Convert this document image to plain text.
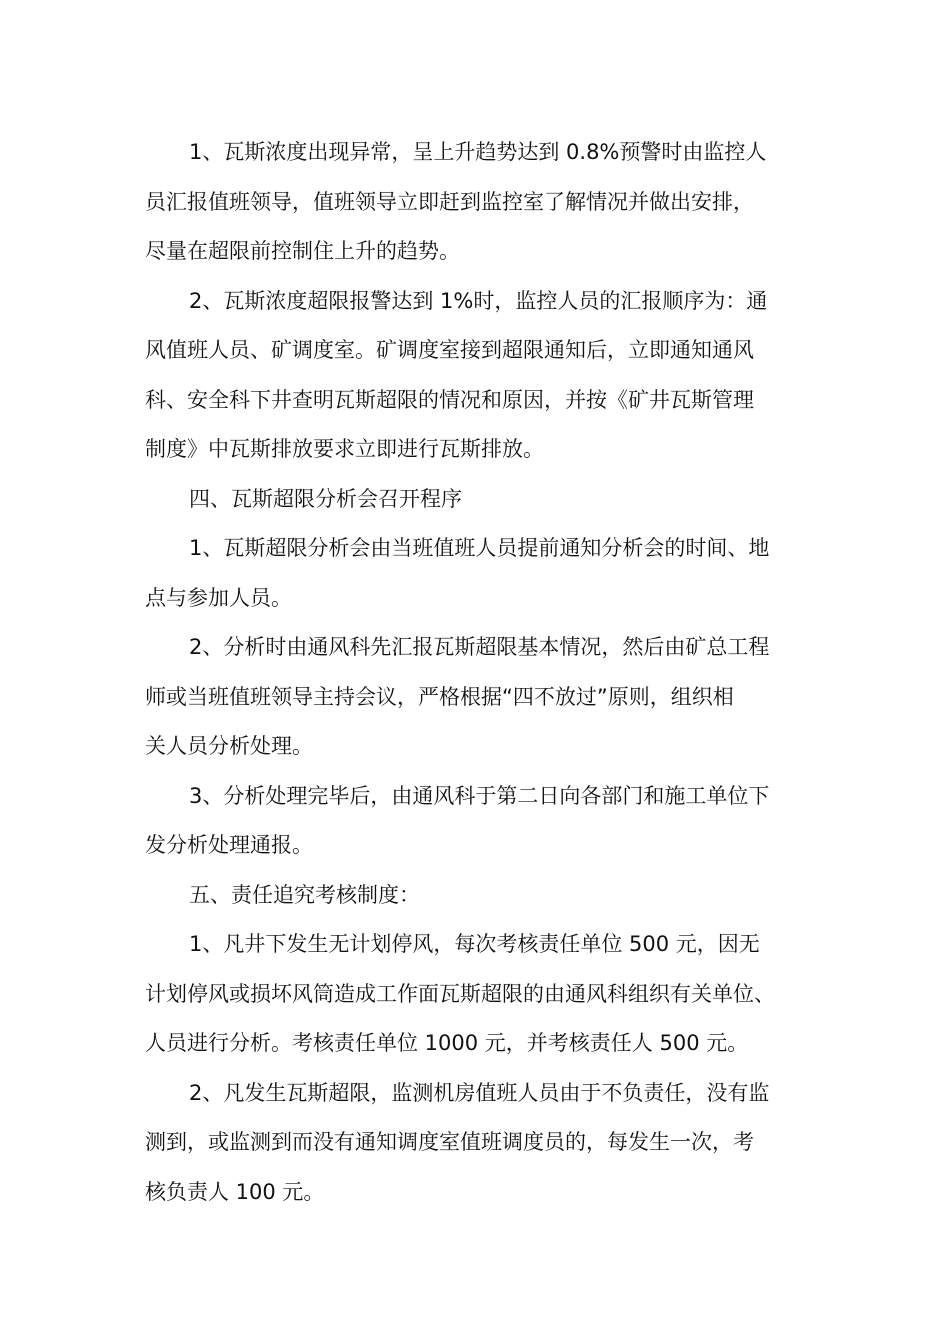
1、瓦斯浓度出现异常，呈上升趋势达到 0.8%预警时由监控人
员汇报值班领导，值班领导立即赶到监控室了解情况并做出安排，
尽量在超限前控制住上升的趋势。

2、瓦斯浓度超限报警达到 1%时，监控人员的汇报顺序为：通
风值班人员、矿调度室。矿调度室接到超限通知后，立即通知通风
科、安全科下井查明瓦斯超限的情况和原因，并按《矿井瓦斯管理
制度》中瓦斯排放要求立即进行瓦斯排放。

四、瓦斯超限分析会召开程序

1、瓦斯超限分析会由当班值班人员提前通知分析会的时间、地
点与参加人员。

2、分析时由通风科先汇报瓦斯超限基本情况，然后由矿总工程
师或当班值班领导主持会议，严格根据“四不放过”原则，组织相
关人员分析处理。

3、分析处理完毕后，由通风科于第二日向各部门和施工单位下
发分析处理通报。

五、责任追究考核制度：

1、凡井下发生无计划停风，每次考核责任单位 500 元，因无
计划停风或损坏风筒造成工作面瓦斯超限的由通风科组织有关单位、
人员进行分析。考核责任单位 1000 元，并考核责任人 500 元。

2、凡发生瓦斯超限，监测机房值班人员由于不负责任，没有监
测到，或监测到而没有通知调度室值班调度员的，每发生一次，考
核负责人 100 元。
